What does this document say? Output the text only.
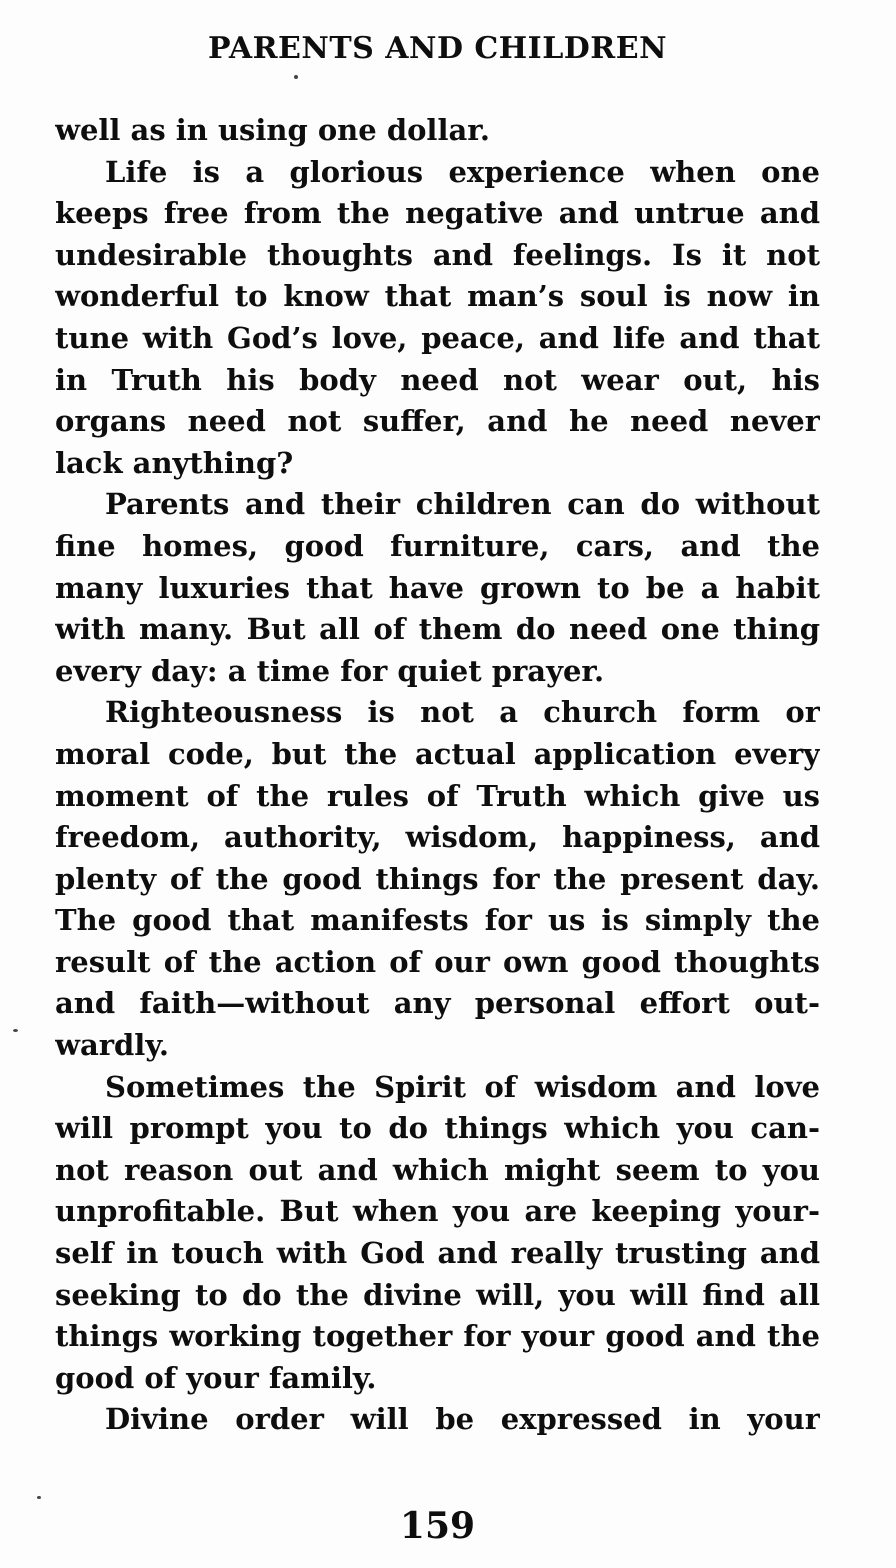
PARENTS AND CHILDREN
well as in using one dollar.
Life is a glorious experience when one
keeps free from the negative and untrue and
undesirable thoughts and feelings. Is it not
wonderful to know that man’s soul is now in
tune with God’s love, peace, and life and that
in Truth his body need not wear out, his
organs need not suffer, and he need never
lack anything?
Parents and their children can do without
fine homes, good furniture, cars, and the
many luxuries that have grown to be a habit
with many. But all of them do need one thing
every day: a time for quiet prayer.
Righteousness is not a church form or
moral code, but the actual application every
moment of the rules of Truth which give us
freedom, authority, wisdom, happiness, and
plenty of the good things for the present day.
The good that manifests for us is simply the
result of the action of our own good thoughts
and faith—without any personal effort out-
wardly.
Sometimes the Spirit of wisdom and love
will prompt you to do things which you can-
not reason out and which might seem to you
unprofitable. But when you are keeping your-
self in touch with God and really trusting and
seeking to do the divine will, you will find all
things working together for your good and the
good of your family.
Divine order will be expressed in your
159
